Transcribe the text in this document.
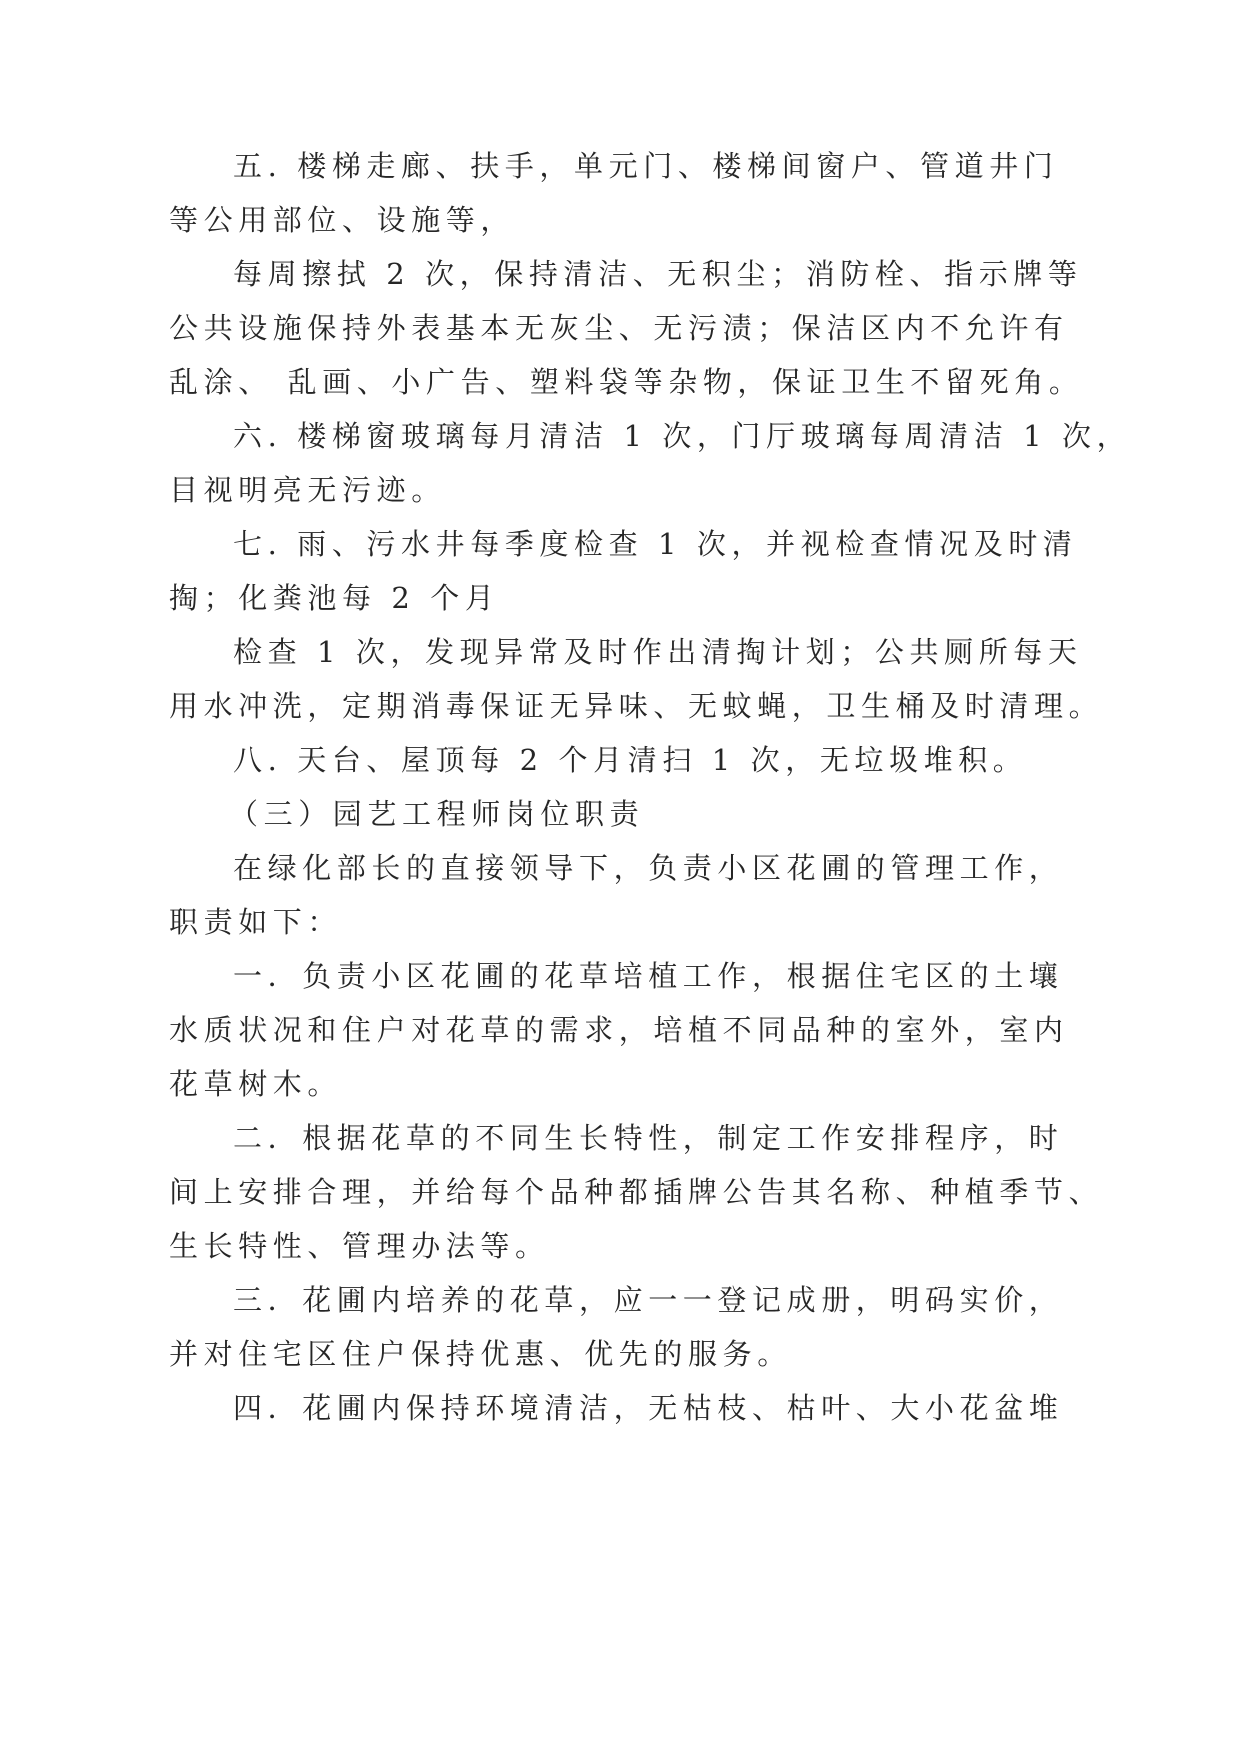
五. 楼梯走廊、扶手，单元门、楼梯间窗户、管道井门
等公用部位、设施等，
每周擦拭 2 次，保持清洁、无积尘；消防栓、指示牌等
公共设施保持外表基本无灰尘、无污渍；保洁区内不允许有
乱涂、 乱画、小广告、塑料袋等杂物，保证卫生不留死角。
六. 楼梯窗玻璃每月清洁 1 次，门厅玻璃每周清洁 1 次，
目视明亮无污迹。
七. 雨、污水井每季度检查 1 次，并视检查情况及时清
掏；化粪池每 2 个月
检查 1 次，发现异常及时作出清掏计划；公共厕所每天
用水冲洗，定期消毒保证无异味、无蚊蝇，卫生桶及时清理。
八. 天台、屋顶每 2 个月清扫 1 次，无垃圾堆积。
（三）园艺工程师岗位职责
在绿化部长的直接领导下，负责小区花圃的管理工作，
职责如下：
一．负责小区花圃的花草培植工作，根据住宅区的土壤
水质状况和住户对花草的需求，培植不同品种的室外，室内
花草树木。
二．根据花草的不同生长特性，制定工作安排程序，时
间上安排合理，并给每个品种都插牌公告其名称、种植季节、
生长特性、管理办法等。
三．花圃内培养的花草，应一一登记成册，明码实价，
并对住宅区住户保持优惠、优先的服务。
四．花圃内保持环境清洁，无枯枝、枯叶、大小花盆堆
